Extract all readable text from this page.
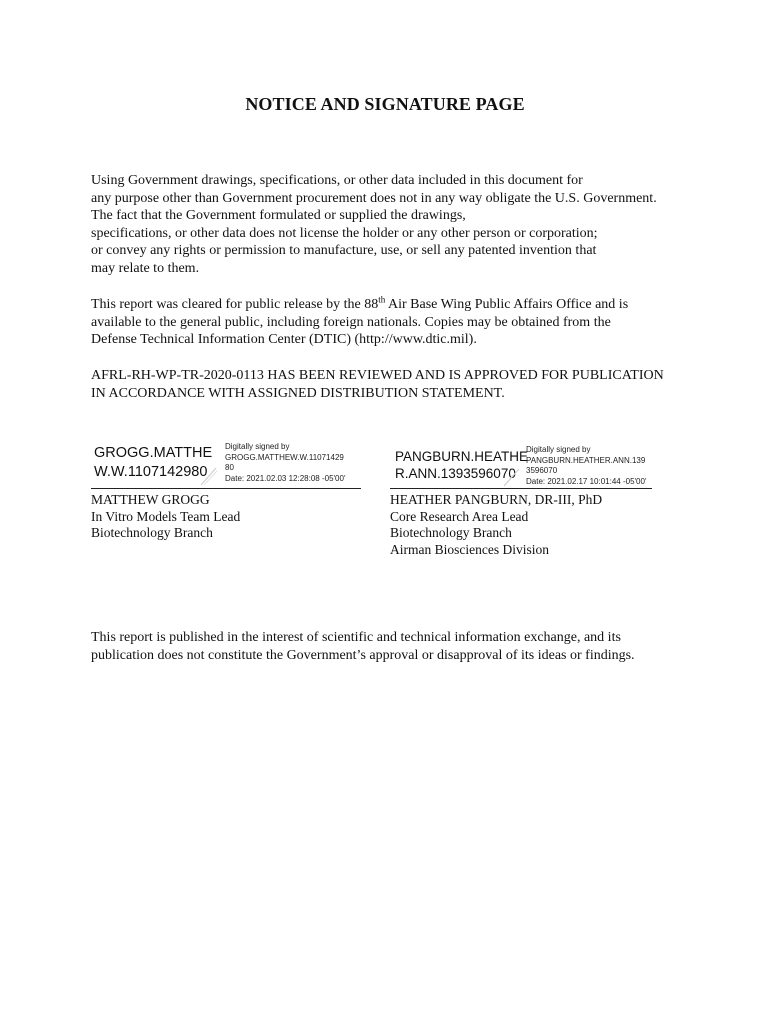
NOTICE AND SIGNATURE PAGE
Using Government drawings, specifications, or other data included in this document for
any purpose other than Government procurement does not in any way obligate the U.S. Government.
The fact that the Government formulated or supplied the drawings,
specifications, or other data does not license the holder or any other person or corporation;
or convey any rights or permission to manufacture, use, or sell any patented invention that
may relate to them.
This report was cleared for public release by the 88th Air Base Wing Public Affairs Office and is
available to the general public, including foreign nationals. Copies may be obtained from the
Defense Technical Information Center (DTIC) (http://www.dtic.mil).
AFRL-RH-WP-TR-2020-0113 HAS BEEN REVIEWED AND IS APPROVED FOR PUBLICATION
IN ACCORDANCE WITH ASSIGNED DISTRIBUTION STATEMENT.
GROGG.MATTHE
W.W.1107142980
Digitally signed by
GROGG.MATTHEW.W.11071429
80
Date: 2021.02.03 12:28:08 -05'00'
MATTHEW GROGG
In Vitro Models Team Lead
Biotechnology Branch
PANGBURN.HEATHE
R.ANN.1393596070
Digitally signed by
PANGBURN.HEATHER.ANN.139
3596070
Date: 2021.02.17 10:01:44 -05'00'
HEATHER PANGBURN, DR-III, PhD
Core Research Area Lead
Biotechnology Branch
Airman Biosciences Division
This report is published in the interest of scientific and technical information exchange, and its
publication does not constitute the Government’s approval or disapproval of its ideas or findings.
